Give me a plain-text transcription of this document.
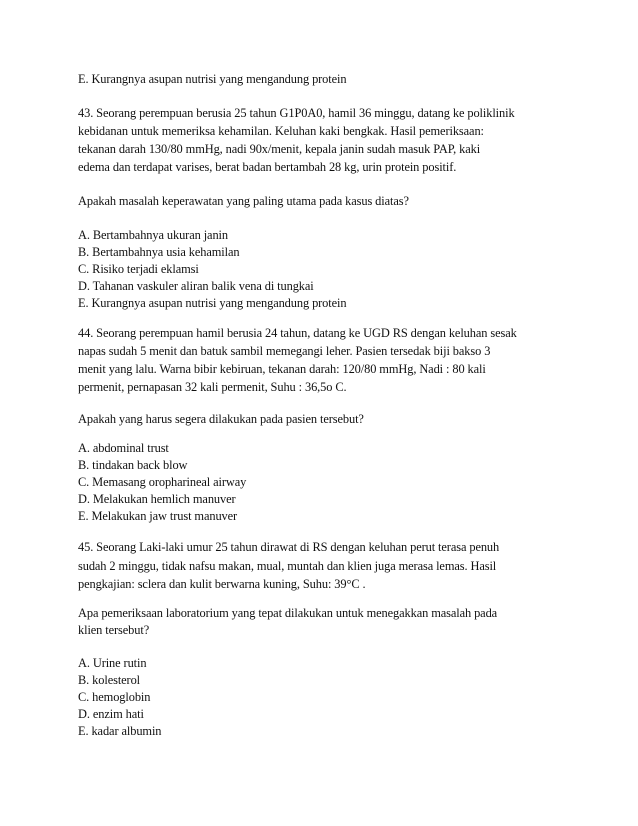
E. Kurangnya asupan nutrisi yang mengandung protein

43. Seorang perempuan berusia 25 tahun G1P0A0, hamil 36 minggu, datang ke poliklinik

kebidanan untuk memeriksa kehamilan. Keluhan kaki bengkak. Hasil pemeriksaan:

tekanan darah 130/80 mmHg, nadi 90x/menit, kepala janin sudah masuk PAP, kaki

edema dan terdapat varises, berat badan bertambah 28 kg, urin protein positif.

Apakah masalah keperawatan yang paling utama pada kasus diatas?

A. Bertambahnya ukuran janin

B. Bertambahnya usia kehamilan

C. Risiko terjadi eklamsi

D. Tahanan vaskuler aliran balik vena di tungkai

E. Kurangnya asupan nutrisi yang mengandung protein

44. Seorang perempuan hamil berusia 24 tahun, datang ke UGD RS dengan keluhan sesak

napas sudah 5 menit dan batuk sambil memegangi leher. Pasien tersedak biji bakso 3

menit yang lalu. Warna bibir kebiruan, tekanan darah: 120/80 mmHg, Nadi : 80 kali

permenit, pernapasan 32 kali permenit, Suhu : 36,5o C.

Apakah yang harus segera dilakukan pada pasien tersebut?

A. abdominal trust

B. tindakan back blow

C. Memasang oropharineal airway

D. Melakukan hemlich manuver

E. Melakukan jaw trust manuver

45. Seorang Laki-laki umur 25 tahun dirawat di RS dengan keluhan perut terasa penuh

sudah 2 minggu, tidak nafsu makan, mual, muntah dan klien juga merasa lemas. Hasil

pengkajian: sclera dan kulit berwarna kuning, Suhu: 39°C .

Apa pemeriksaan laboratorium yang tepat dilakukan untuk menegakkan masalah pada

klien tersebut?

A. Urine rutin

B. kolesterol

C. hemoglobin

D. enzim hati

E. kadar albumin
